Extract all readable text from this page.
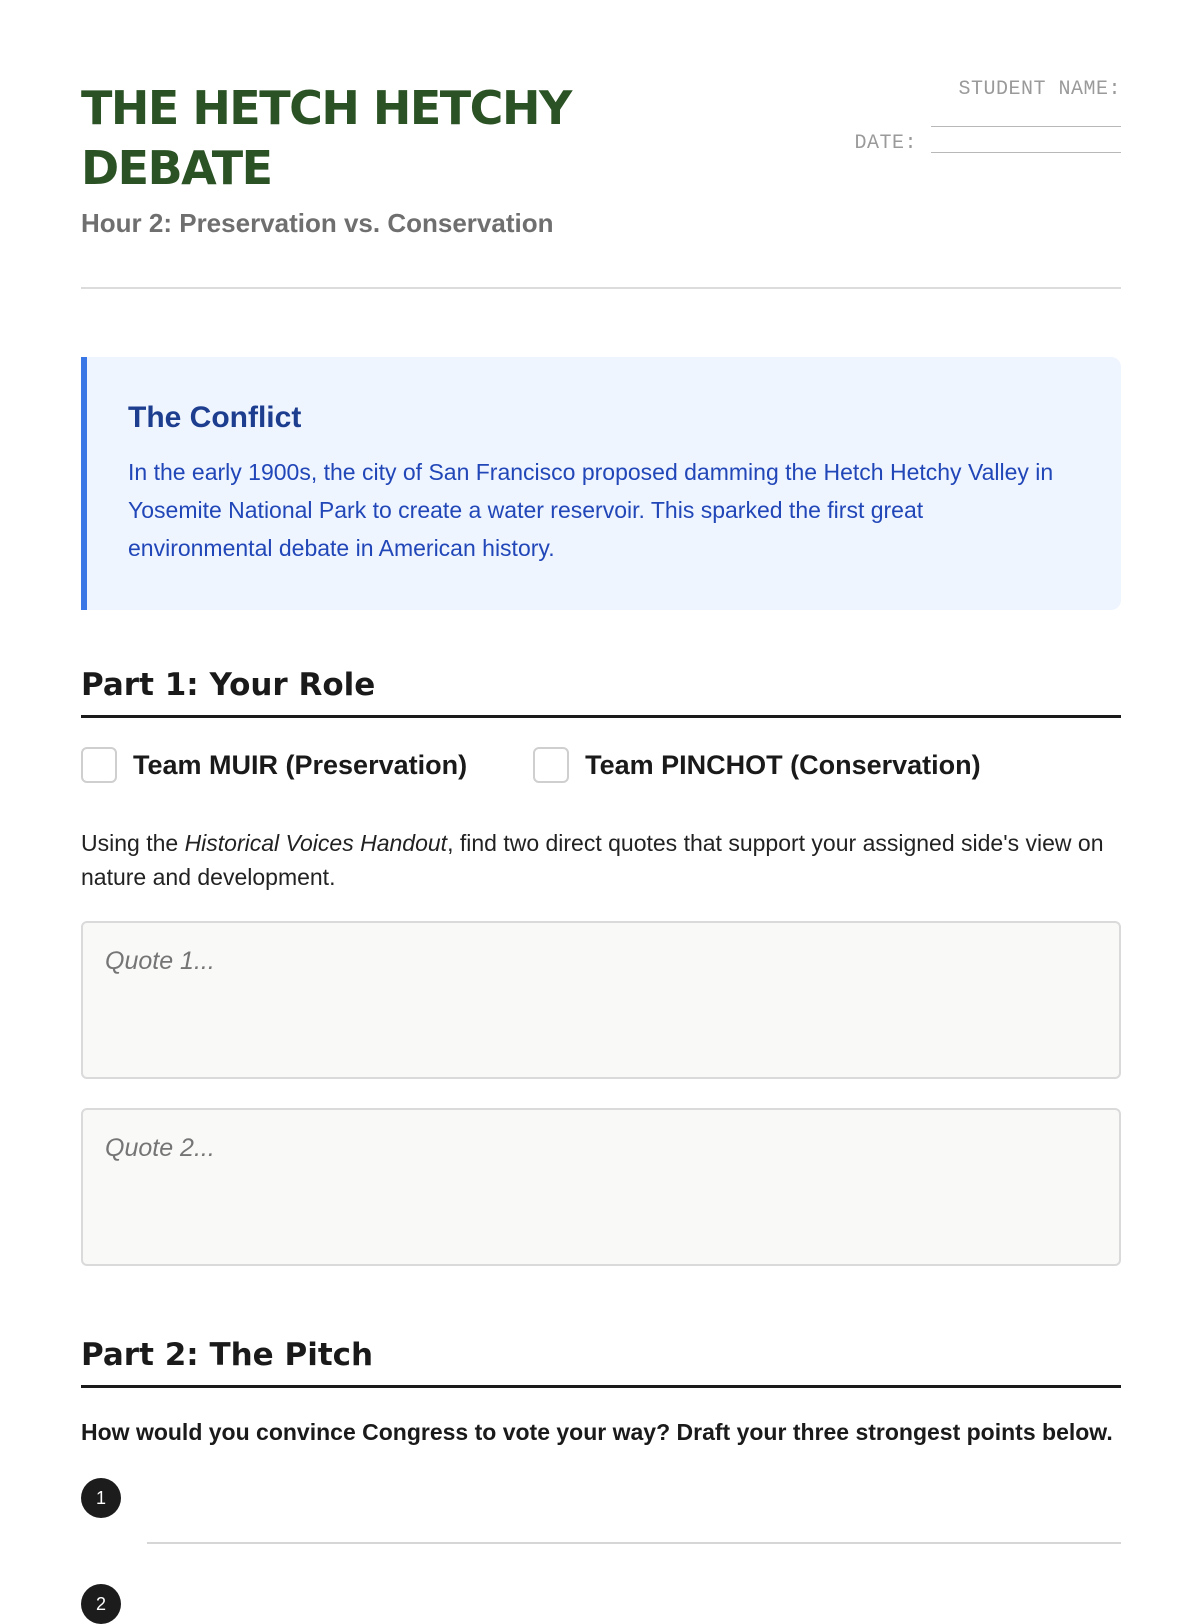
THE HETCH HETCHY DEBATE
Hour 2: Preservation vs. Conservation
STUDENT NAME:
DATE:
The Conflict

In the early 1900s, the city of San Francisco proposed damming the Hetch Hetchy Valley in Yosemite National Park to create a water reservoir. This sparked the first great environmental debate in American history.

Part 1: Your Role
Team MUIR (Preservation)	Team PINCHOT (Conservation)
Using the Historical Voices Handout, find two direct quotes that support your assigned side's view on nature and development.
Quote 1...
Quote 2...
Part 2: The Pitch
How would you convince Congress to vote your way? Draft your three strongest points below.
1
2
